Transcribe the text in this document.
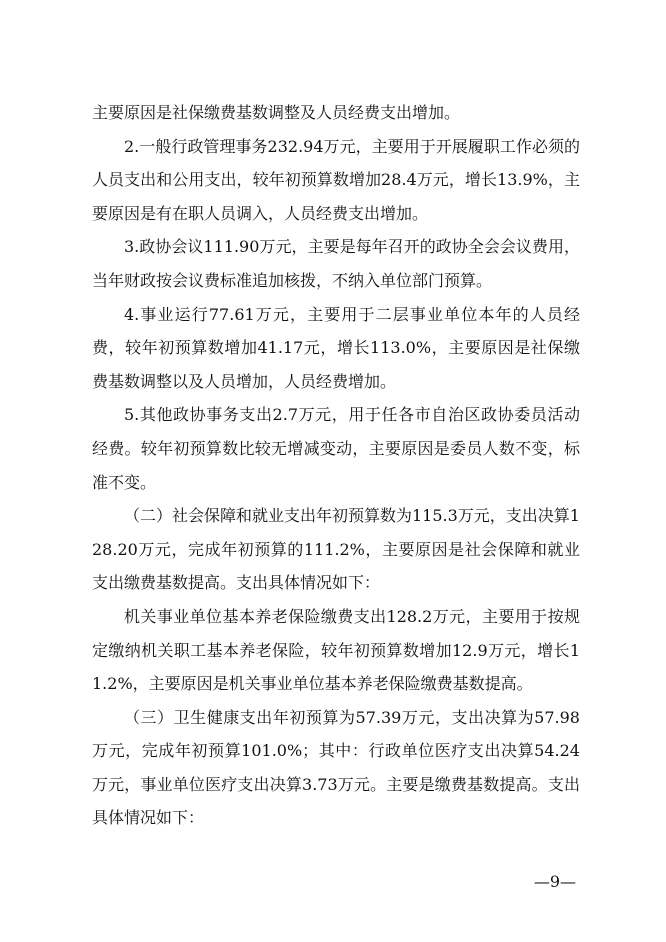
主要原因是社保缴费基数调整及人员经费支出增加。

2.一般行政管理事务232.94万元，主要用于开展履职工作必须的人员支出和公用支出，较年初预算数增加28.4万元，增长13.9%，主要原因是有在职人员调入，人员经费支出增加。

3.政协会议111.90万元，主要是每年召开的政协全会会议费用，当年财政按会议费标准追加核拨，不纳入单位部门预算。

4.事业运行77.61万元，主要用于二层事业单位本年的人员经费，较年初预算数增加41.17元，增长113.0%，主要原因是社保缴费基数调整以及人员增加，人员经费增加。

5.其他政协事务支出2.7万元，用于任各市自治区政协委员活动经费。较年初预算数比较无增减变动，主要原因是委员人数不变，标准不变。

（二）社会保障和就业支出年初预算数为115.3万元，支出决算128.20万元，完成年初预算的111.2%，主要原因是社会保障和就业支出缴费基数提高。支出具体情况如下：

机关事业单位基本养老保险缴费支出128.2万元，主要用于按规定缴纳机关职工基本养老保险，较年初预算数增加12.9万元，增长11.2%，主要原因是机关事业单位基本养老保险缴费基数提高。

（三）卫生健康支出年初预算为57.39万元，支出决算为57.98万元，完成年初预算101.0%；其中：行政单位医疗支出决算54.24万元，事业单位医疗支出决算3.73万元。主要是缴费基数提高。支出具体情况如下：

—9—
